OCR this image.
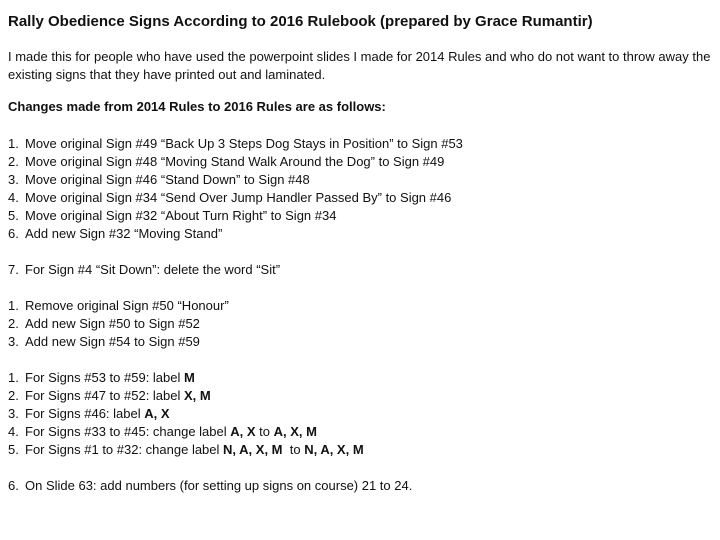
Rally Obedience Signs According to 2016 Rulebook (prepared by Grace Rumantir)
I made this for people who have used the powerpoint slides I made for 2014 Rules and who do not want to throw away the existing signs that they have printed out and laminated.
Changes made from 2014 Rules to 2016 Rules are as follows:
1. Move original Sign #49 “Back Up 3 Steps Dog Stays in Position” to Sign #53
2. Move original Sign #48 “Moving Stand Walk Around the Dog” to Sign #49
3. Move original Sign #46 “Stand Down” to Sign #48
4. Move original Sign #34 “Send Over Jump Handler Passed By” to Sign #46
5. Move original Sign #32 “About Turn Right” to Sign #34
6. Add new Sign #32 “Moving Stand”
7. For Sign #4 “Sit Down”: delete the word “Sit”
1. Remove original Sign #50 “Honour”
2. Add new Sign #50 to Sign #52
3. Add new Sign #54 to Sign #59
1. For Signs #53 to #59: label M
2. For Signs #47 to #52: label X, M
3. For Signs #46: label A, X
4. For Signs #33 to #45: change label A, X to A, X, M
5. For Signs #1 to #32: change label N, A, X, M  to N, A, X, M
6. On Slide 63: add numbers (for setting up signs on course) 21 to 24.
